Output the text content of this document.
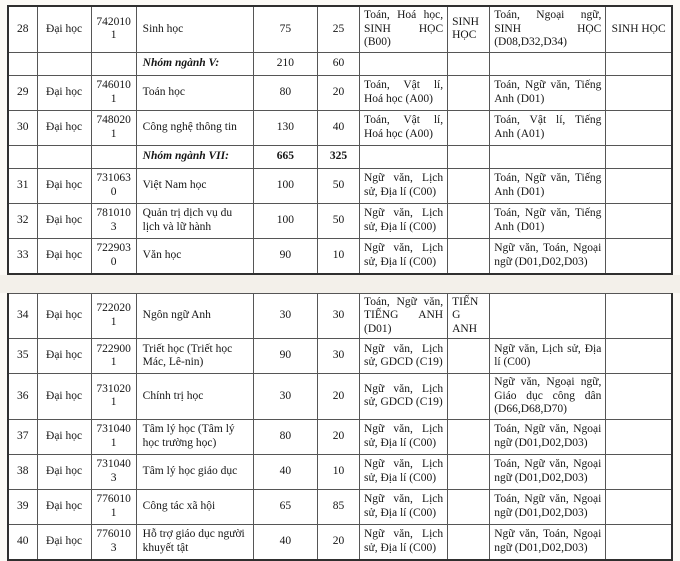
28	Đại học	7420101	Sinh học	75	25	Toán, Hoá học, SINH HỌC (B00)	SINH HỌC	Toán, Ngoại ngữ, SINH HỌC (D08,D32,D34)	SINH HỌC
			Nhóm ngành V:	210	60				
29	Đại học	7460101	Toán học	80	20	Toán, Vật lí, Hoá học (A00)		Toán, Ngữ văn, Tiếng Anh (D01)	
30	Đại học	7480201	Công nghệ thông tin	130	40	Toán, Vật lí, Hoá học (A00)		Toán, Vật lí, Tiếng Anh (A01)	
			Nhóm ngành VII:	665	325				
31	Đại học	7310630	Việt Nam học	100	50	Ngữ văn, Lịch sử, Địa lí (C00)		Toán, Ngữ văn, Tiếng Anh (D01)	
32	Đại học	7810103	Quản trị dịch vụ du lịch và lữ hành	100	50	Ngữ văn, Lịch sử, Địa lí (C00)		Toán, Ngữ văn, Tiếng Anh (D01)	
33	Đại học	7229030	Văn học	90	10	Ngữ văn, Lịch sử, Địa lí (C00)		Ngữ văn, Toán, Ngoại ngữ (D01,D02,D03)	
34	Đại học	7220201	Ngôn ngữ Anh	30	30	Toán, Ngữ văn, TIẾNG ANH (D01)	TIẾNG ANH		
35	Đại học	7229001	Triết học (Triết học Mác, Lê-nin)	90	30	Ngữ văn, Lịch sử, GDCD (C19)		Ngữ văn, Lịch sử, Địa lí (C00)	
36	Đại học	7310201	Chính trị học	30	20	Ngữ văn, Lịch sử, GDCD (C19)		Ngữ văn, Ngoại ngữ, Giáo dục công dân (D66,D68,D70)	
37	Đại học	7310401	Tâm lý học (Tâm lý học trường học)	80	20	Ngữ văn, Lịch sử, Địa lí (C00)		Toán, Ngữ văn, Ngoại ngữ (D01,D02,D03)	
38	Đại học	7310403	Tâm lý học giáo dục	40	10	Ngữ văn, Lịch sử, Địa lí (C00)		Toán, Ngữ văn, Ngoại ngữ (D01,D02,D03)	
39	Đại học	7760101	Công tác xã hội	65	85	Ngữ văn, Lịch sử, Địa lí (C00)		Toán, Ngữ văn, Ngoại ngữ (D01,D02,D03)	
40	Đại học	7760103	Hỗ trợ giáo dục người khuyết tật	40	20	Ngữ văn, Lịch sử, Địa lí (C00)		Ngữ văn, Toán, Ngoại ngữ (D01,D02,D03)	
